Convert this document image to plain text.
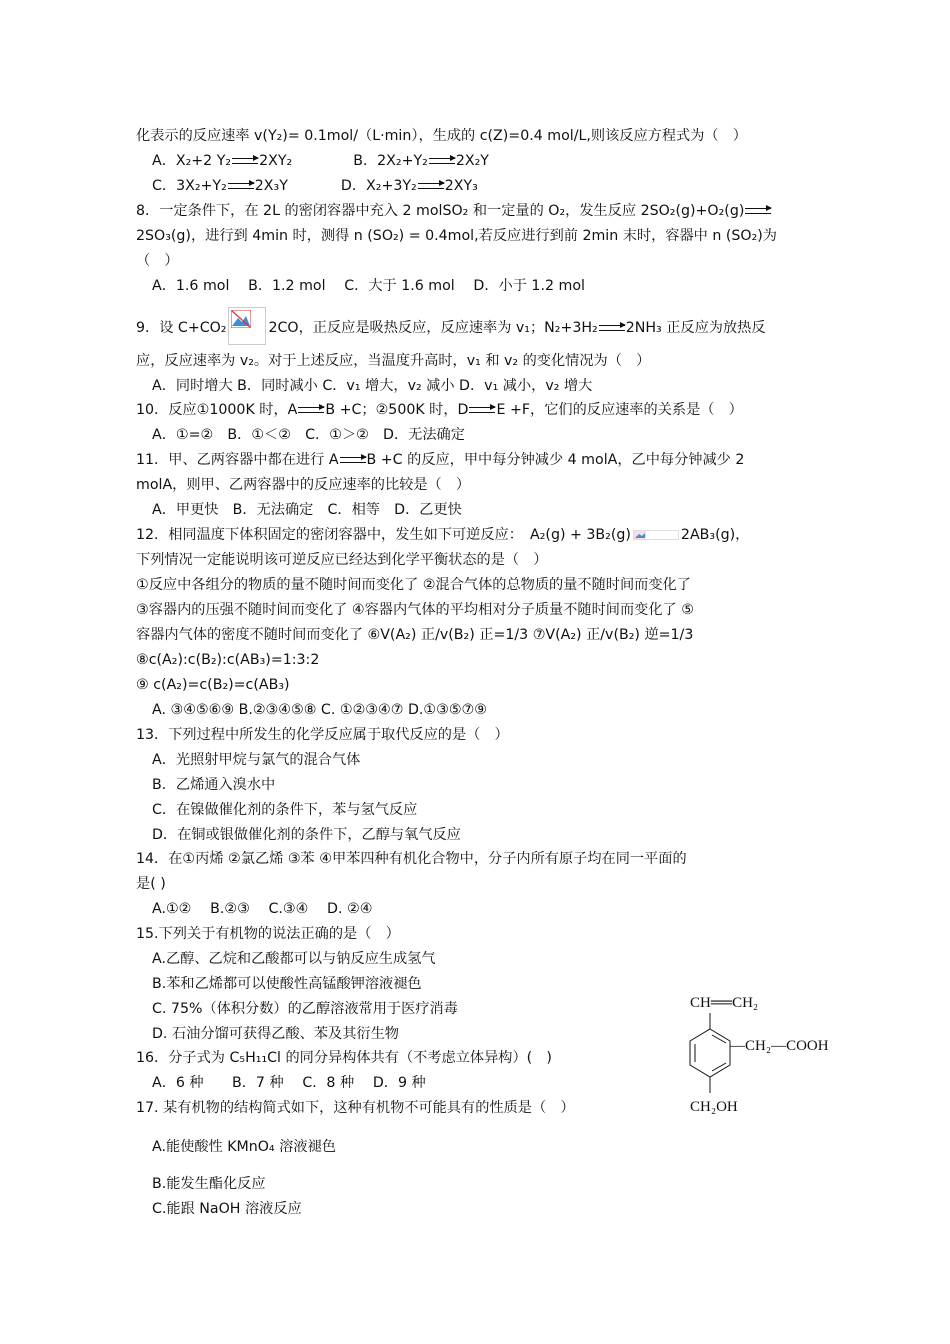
化表示的反应速率 v(Y₂)= 0.1mol/（L·min），生成的 c(Z)=0.4 mol/L,则该反应方程式为（　）
A．X₂+2 Y₂ 2XY₂	B．2X₂+Y₂ 2X₂Y
C．3X₂+Y₂ 2X₃Y	D．X₂+3Y₂ 2XY₃
8．一定条件下，在 2L 的密闭容器中充入 2 molSO₂ 和一定量的 O₂，发生反应 2SO₂(g)+O₂(g)
2SO₃(g)，进行到 4min 时，测得 n (SO₂) = 0.4mol,若反应进行到前 2min 末时，容器中 n (SO₂)为
（　）
A．1.6 mol　 B．1.2 mol　 C．大于 1.6 mol　 D．小于 1.2 mol
9．设 C+CO₂	2CO，正反应是吸热反应，反应速率为 v₁；N₂+3H₂ 2NH₃ 正反应为放热反
应，反应速率为 v₂。对于上述反应，当温度升高时，v₁ 和 v₂ 的变化情况为（　）
A．同时增大 B．同时减小 C．v₁ 增大，v₂ 减小 D．v₁ 减小，v₂ 增大
10．反应①1000K 时，A B +C；②500K 时，D E +F，它们的反应速率的关系是（　）
A．①=②　B．①＜②　C．①＞②　D．无法确定
11．甲、乙两容器中都在进行 A B +C 的反应，甲中每分钟减少 4 molA，乙中每分钟减少 2
molA，则甲、乙两容器中的反应速率的比较是（　）
A．甲更快　B．无法确定　C．相等　D．乙更快
12．相同温度下体积固定的密闭容器中，发生如下可逆反应：　A₂(g) + 3B₂(g)	2AB₃(g)，
下列情况一定能说明该可逆反应已经达到化学平衡状态的是（　）
①反应中各组分的物质的量不随时间而变化了 ②混合气体的总物质的量不随时间而变化了
③容器内的压强不随时间而变化了 ④容器内气体的平均相对分子质量不随时间而变化了 ⑤
容器内气体的密度不随时间而变化了 ⑥V(A₂) 正/v(B₂) 正=1/3 ⑦V(A₂) 正/v(B₂) 逆=1/3
⑧c(A₂):c(B₂):c(AB₃)=1:3:2
⑨ c(A₂)=c(B₂)=c(AB₃)
A. ③④⑤⑥⑨ B.②③④⑤⑧ C. ①②③④⑦ D.①③⑤⑦⑨
13．下列过程中所发生的化学反应属于取代反应的是（　）
A．光照射甲烷与氯气的混合气体
B．乙烯通入溴水中
C．在镍做催化剂的条件下，苯与氢气反应
D．在铜或银做催化剂的条件下，乙醇与氧气反应
14．在①丙烯 ②氯乙烯 ③苯 ④甲苯四种有机化合物中，分子内所有原子均在同一平面的
是( )
A.①②　 B.②③　 C.③④　 D. ②④
15.下列关于有机物的说法正确的是（　）
A.乙醇、乙烷和乙酸都可以与钠反应生成氢气
B.苯和乙烯都可以使酸性高锰酸钾溶液褪色
C. 75%（体积分数）的乙醇溶液常用于医疗消毒
D. 石油分馏可获得乙酸、苯及其衍生物
16．分子式为 C₅H₁₁Cl 的同分异构体共有（不考虑立体异构）(　)
A．6 种　　B．7 种　 C．8 种　 D．9 种
17. 某有机物的结构简式如下，这种有机物不可能具有的性质是（　）
A.能使酸性 KMnO₄ 溶液褪色
B.能发生酯化反应
C.能跟 NaOH 溶液反应
CH══CH₂
—CH₂—COOH
CH₂OH
